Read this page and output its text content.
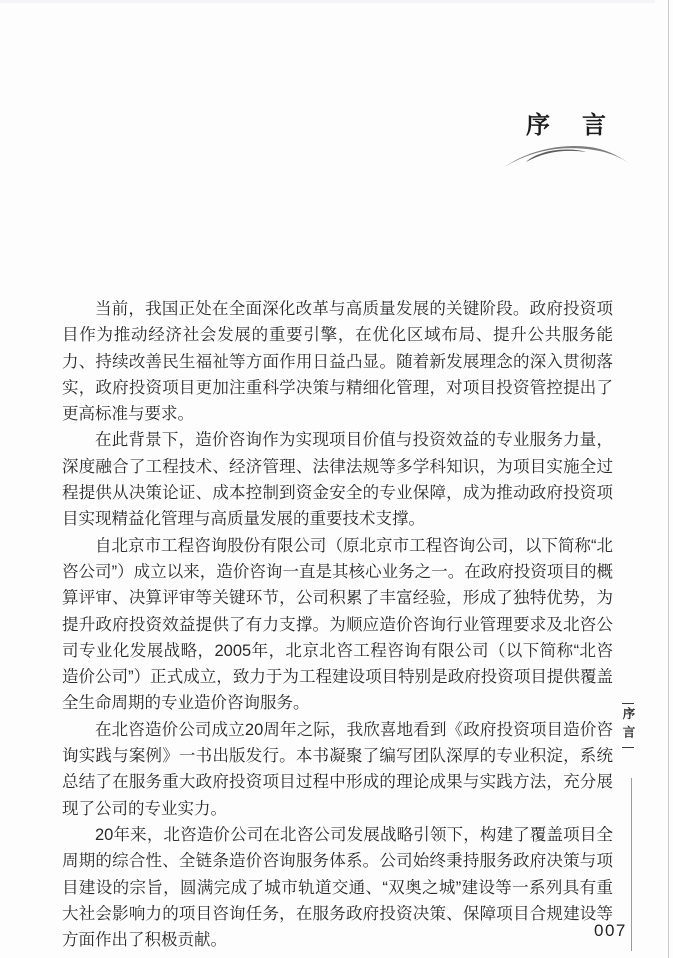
序　言

当前，我国正处在全面深化改革与高质量发展的关键阶段。政府投资项目作为推动经济社会发展的重要引擎，在优化区域布局、提升公共服务能力、持续改善民生福祉等方面作用日益凸显。随着新发展理念的深入贯彻落实，政府投资项目更加注重科学决策与精细化管理，对项目投资管控提出了更高标准与要求。

在此背景下，造价咨询作为实现项目价值与投资效益的专业服务力量，深度融合了工程技术、经济管理、法律法规等多学科知识，为项目实施全过程提供从决策论证、成本控制到资金安全的专业保障，成为推动政府投资项目实现精益化管理与高质量发展的重要技术支撑。

自北京市工程咨询股份有限公司（原北京市工程咨询公司，以下简称“北咨公司”）成立以来，造价咨询一直是其核心业务之一。在政府投资项目的概算评审、决算评审等关键环节，公司积累了丰富经验，形成了独特优势，为提升政府投资效益提供了有力支撑。为顺应造价咨询行业管理要求及北咨公司专业化发展战略，2005年，北京北咨工程咨询有限公司（以下简称“北咨造价公司”）正式成立，致力于为工程建设项目特别是政府投资项目提供覆盖全生命周期的专业造价咨询服务。

在北咨造价公司成立20周年之际，我欣喜地看到《政府投资项目造价咨询实践与案例》一书出版发行。本书凝聚了编写团队深厚的专业积淀，系统总结了在服务重大政府投资项目过程中形成的理论成果与实践方法，充分展现了公司的专业实力。

20年来，北咨造价公司在北咨公司发展战略引领下，构建了覆盖项目全周期的综合性、全链条造价咨询服务体系。公司始终秉持服务政府决策与项目建设的宗旨，圆满完成了城市轨道交通、“双奥之城”建设等一系列具有重大社会影响力的项目咨询任务，在服务政府投资决策、保障项目合规建设等方面作出了积极贡献。

序言
007
